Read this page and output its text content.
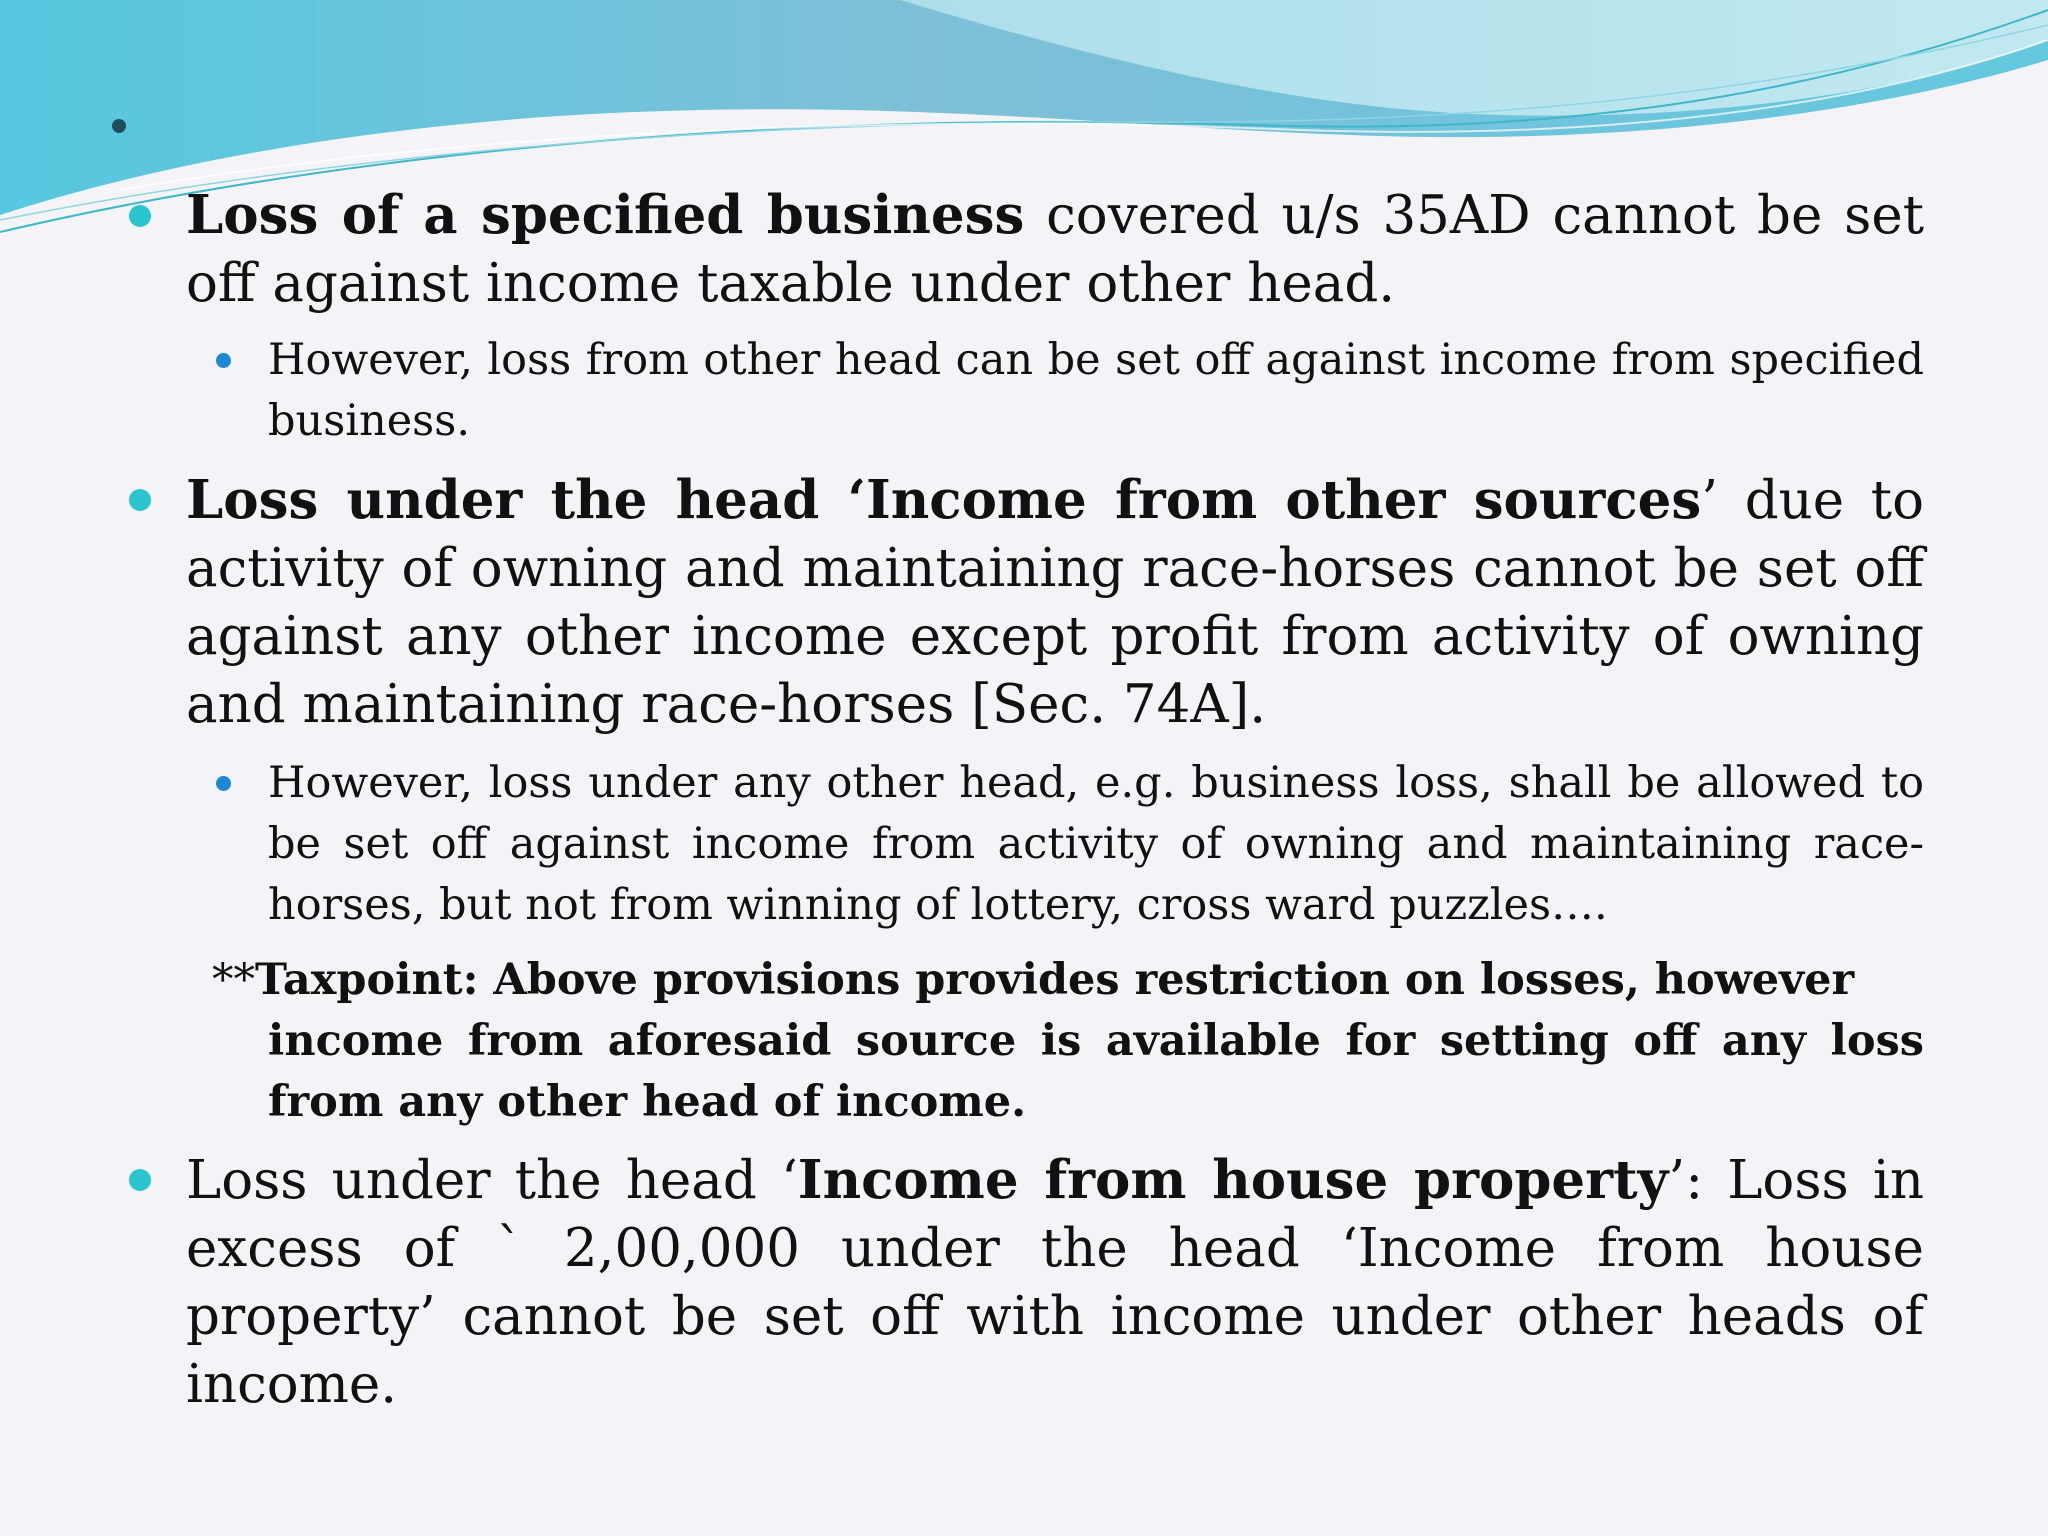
Loss of a specified business covered u/s 35AD cannot be set off against income taxable under other head.
However, loss from other head can be set off against income from specified business.
Loss under the head ‘Income from other sources’ due to activity of owning and maintaining race-horses cannot be set off against any other income except profit from activity of owning and maintaining race-horses [Sec. 74A].
However, loss under any other head, e.g. business loss, shall be allowed to be set off against income from activity of owning and maintaining race-horses, but not from winning of lottery, cross ward puzzles….
**Taxpoint: Above provisions provides restriction on losses, however
income from aforesaid source is available for setting off any loss from any other head of income.
Loss under the head ‘Income from house property’: Loss in excess of ` 2,00,000 under the head ‘Income from house property’ cannot be set off with income under other heads of income.
